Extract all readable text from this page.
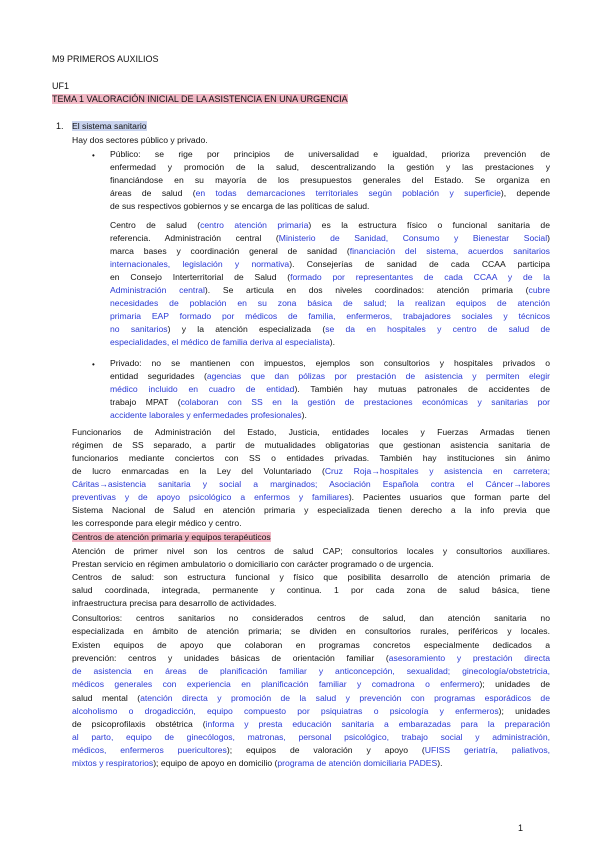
M9 PRIMEROS AUXILIOS
UF1
TEMA 1 VALORACIÓN INICIAL DE LA ASISTENCIA EN UNA URGENCIA
1. El sistema sanitario
Hay dos sectores público y privado.
•
•
Público: se rige por principios de universalidad e igualdad, prioriza prevención de
enfermedad y promoción de la salud, descentralizando la gestión y las prestaciones y
financiándose en su mayoría de los presupuestos generales del Estado. Se organiza en
áreas de salud (en todas demarcaciones territoriales según población y superficie), depende
de sus respectivos gobiernos y se encarga de las políticas de salud.
Centro de salud (centro atención primaria) es la estructura físico o funcional sanitaria de
referencia. Administración central (Ministerio de Sanidad, Consumo y Bienestar Social)
marca bases y coordinación general de sanidad (financiación del sistema, acuerdos sanitarios
internacionales, legislación y normativa). Consejerías de sanidad de cada CCAA participa
en Consejo Interterritorial de Salud (formado por representantes de cada CCAA y de la
Administración central). Se articula en dos niveles coordinados: atención primaria (cubre
necesidades de población en su zona básica de salud; la realizan equipos de atención
primaria EAP formado por médicos de familia, enfermeros, trabajadores sociales y técnicos
no sanitarios) y la atención especializada (se da en hospitales y centro de salud de
especialidades, el médico de familia deriva al especialista).
Privado: no se mantienen con impuestos, ejemplos son consultorios y hospitales privados o
entidad seguridades (agencias que dan pólizas por prestación de asistencia y permiten elegir
médico incluido en cuadro de entidad). También hay mutuas patronales de accidentes de
trabajo MPAT (colaboran con SS en la gestión de prestaciones económicas y sanitarias por
accidente laborales y enfermedades profesionales).
Funcionarios de Administración del Estado, Justicia, entidades locales y Fuerzas Armadas tienen
régimen de SS separado, a partir de mutualidades obligatorias que gestionan asistencia sanitaria de
funcionarios mediante conciertos con SS o entidades privadas. También hay instituciones sin ánimo
de lucro enmarcadas en la Ley del Voluntariado (Cruz Roja→hospitales y asistencia en carretera;
Cáritas→asistencia sanitaria y social a marginados; Asociación Española contra el Cáncer→labores
preventivas y de apoyo psicológico a enfermos y familiares). Pacientes usuarios que forman parte del
Sistema Nacional de Salud en atención primaria y especializada tienen derecho a la info previa que
les corresponde para elegir médico y centro.
Centros de atención primaria y equipos terapéuticos
Atención de primer nivel son los centros de salud CAP; consultorios locales y consultorios auxiliares.
Prestan servicio en régimen ambulatorio o domiciliario con carácter programado o de urgencia.
Centros de salud: son estructura funcional y físico que posibilita desarrollo de atención primaria de
salud coordinada, integrada, permanente y continua. 1 por cada zona de salud básica, tiene
infraestructura precisa para desarrollo de actividades.
Consultorios: centros sanitarios no considerados centros de salud, dan atención sanitaria no
especializada en ámbito de atención primaria; se dividen en consultorios rurales, periféricos y locales.
Existen equipos de apoyo que colaboran en programas concretos especialmente dedicados a
prevención: centros y unidades básicas de orientación familiar (asesoramiento y prestación directa
de asistencia en áreas de planificación familiar y anticoncepción, sexualidad; ginecología/obstetricia,
médicos generales con experiencia en planificación familiar y comadrona o enfermero); unidades de
salud mental (atención directa y promoción de la salud y prevención con programas esporádicos de
alcoholismo o drogadicción, equipo compuesto por psiquiatras o psicología y enfermeros); unidades
de psicoprofilaxis obstétrica (informa y presta educación sanitaria a embarazadas para la preparación
al parto, equipo de ginecólogos, matronas, personal psicológico, trabajo social y administración,
médicos, enfermeros puericultores); equipos de valoración y apoyo (UFISS geriatría, paliativos,
mixtos y respiratorios); equipo de apoyo en domicilio (programa de atención domiciliaria PADES).
1
